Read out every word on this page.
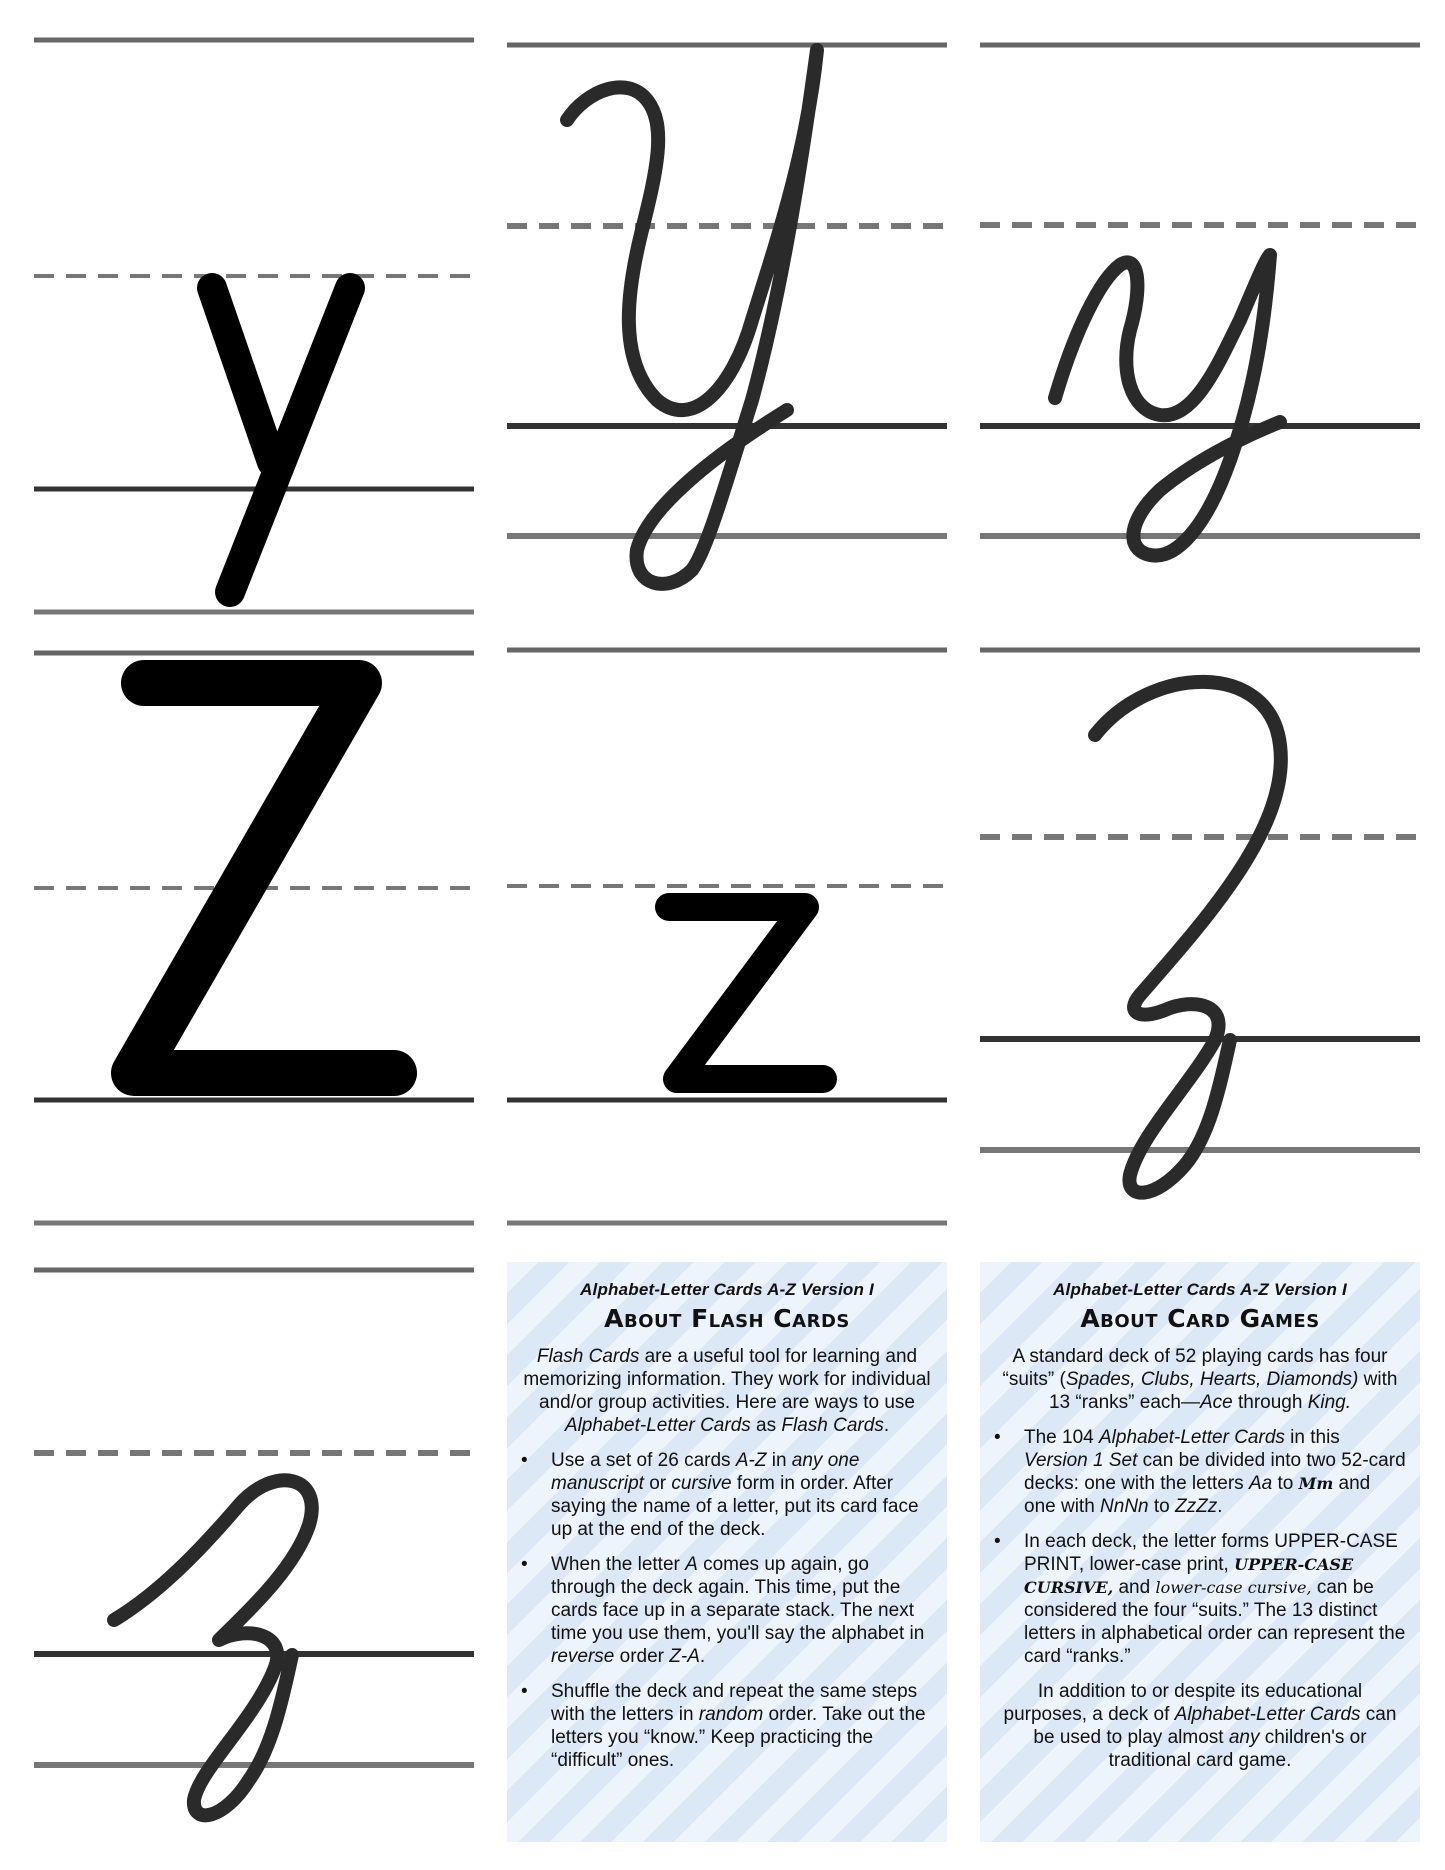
Alphabet-Letter Cards A-Z Version I

About Flash Cards

Flash Cards are a useful tool for learning and memorizing information. They work for individual and/or group activities. Here are ways to use Alphabet-Letter Cards as Flash Cards.

• Use a set of 26 cards A-Z in any one manuscript or cursive form in order. After saying the name of a letter, put its card face up at the end of the deck.
• When the letter A comes up again, go through the deck again. This time, put the cards face up in a separate stack. The next time you use them, you'll say the alphabet in reverse order Z-A.
• Shuffle the deck and repeat the same steps with the letters in random order. Take out the letters you “know.” Keep practicing the “difficult” ones.

Alphabet-Letter Cards A-Z Version I

About Card Games

A standard deck of 52 playing cards has four “suits” (Spades, Clubs, Hearts, Diamonds) with 13 “ranks” each—Ace through King.

• The 104 Alphabet-Letter Cards in this Version 1 Set can be divided into two 52-card decks: one with the letters Aa to Mm and one with NnNn to ZzZz.
• In each deck, the letter forms UPPER-CASE PRINT, lower-case print, UPPER-CASE CURSIVE, and lower-case cursive, can be considered the four “suits.” The 13 distinct letters in alphabetical order can represent the card “ranks.”

In addition to or despite its educational purposes, a deck of Alphabet-Letter Cards can be used to play almost any children's or traditional card game.
